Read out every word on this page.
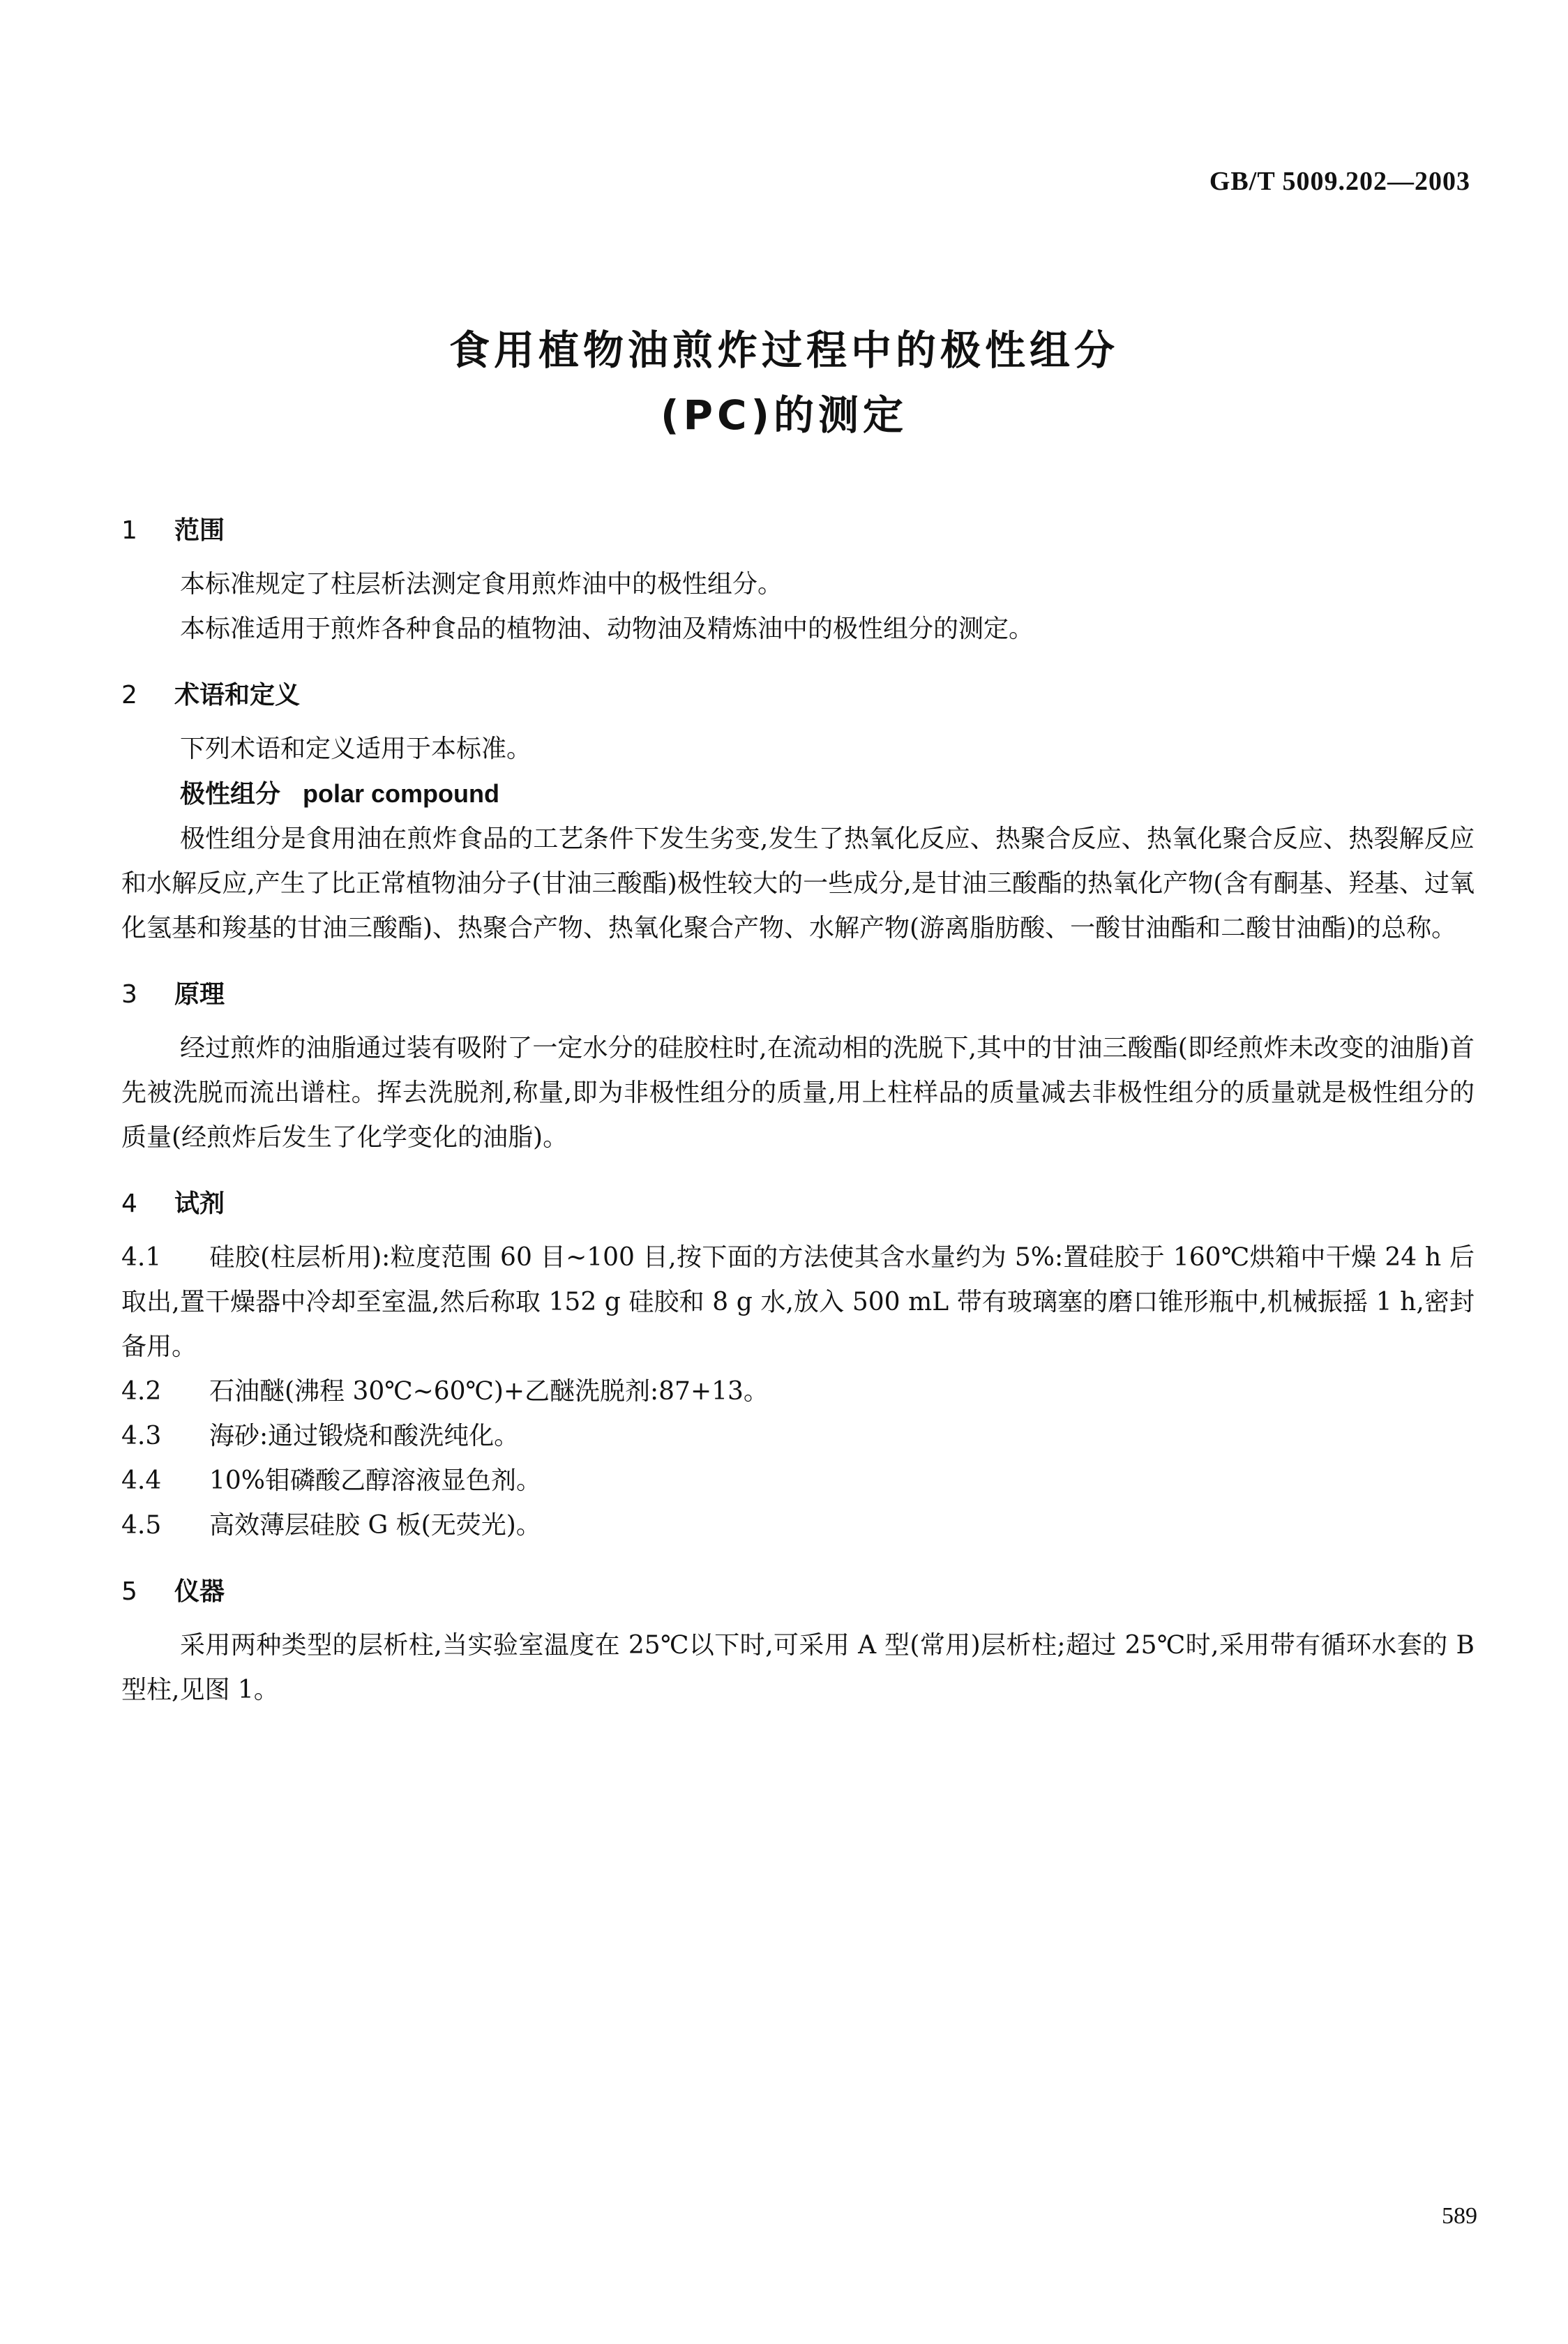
GB/T 5009.202—2003
食用植物油煎炸过程中的极性组分
(PC)的测定
1 范围

本标准规定了柱层析法测定食用煎炸油中的极性组分。

本标准适用于煎炸各种食品的植物油、动物油及精炼油中的极性组分的测定。

2 术语和定义

下列术语和定义适用于本标准。

极性组分 polar compound

极性组分是食用油在煎炸食品的工艺条件下发生劣变,发生了热氧化反应、热聚合反应、热氧化聚合反应、热裂解反应和水解反应,产生了比正常植物油分子(甘油三酸酯)极性较大的一些成分,是甘油三酸酯的热氧化产物(含有酮基、羟基、过氧化氢基和羧基的甘油三酸酯)、热聚合产物、热氧化聚合产物、水解产物(游离脂肪酸、一酸甘油酯和二酸甘油酯)的总称。

3 原理

经过煎炸的油脂通过装有吸附了一定水分的硅胶柱时,在流动相的洗脱下,其中的甘油三酸酯(即经煎炸未改变的油脂)首先被洗脱而流出谱柱。挥去洗脱剂,称量,即为非极性组分的质量,用上柱样品的质量减去非极性组分的质量就是极性组分的质量(经煎炸后发生了化学变化的油脂)。

4 试剂

4.1 硅胶(柱层析用):粒度范围 60 目~100 目,按下面的方法使其含水量约为 5%:置硅胶于 160℃烘箱中干燥 24 h 后取出,置干燥器中冷却至室温,然后称取 152 g 硅胶和 8 g 水,放入 500 mL 带有玻璃塞的磨口锥形瓶中,机械振摇 1 h,密封备用。

4.2 石油醚(沸程 30℃~60℃)+乙醚洗脱剂:87+13。

4.3 海砂:通过锻烧和酸洗纯化。

4.4 10%钼磷酸乙醇溶液显色剂。

4.5 高效薄层硅胶 G 板(无荧光)。

5 仪器

采用两种类型的层析柱,当实验室温度在 25℃以下时,可采用 A 型(常用)层析柱;超过 25℃时,采用带有循环水套的 B 型柱,见图 1。

589
